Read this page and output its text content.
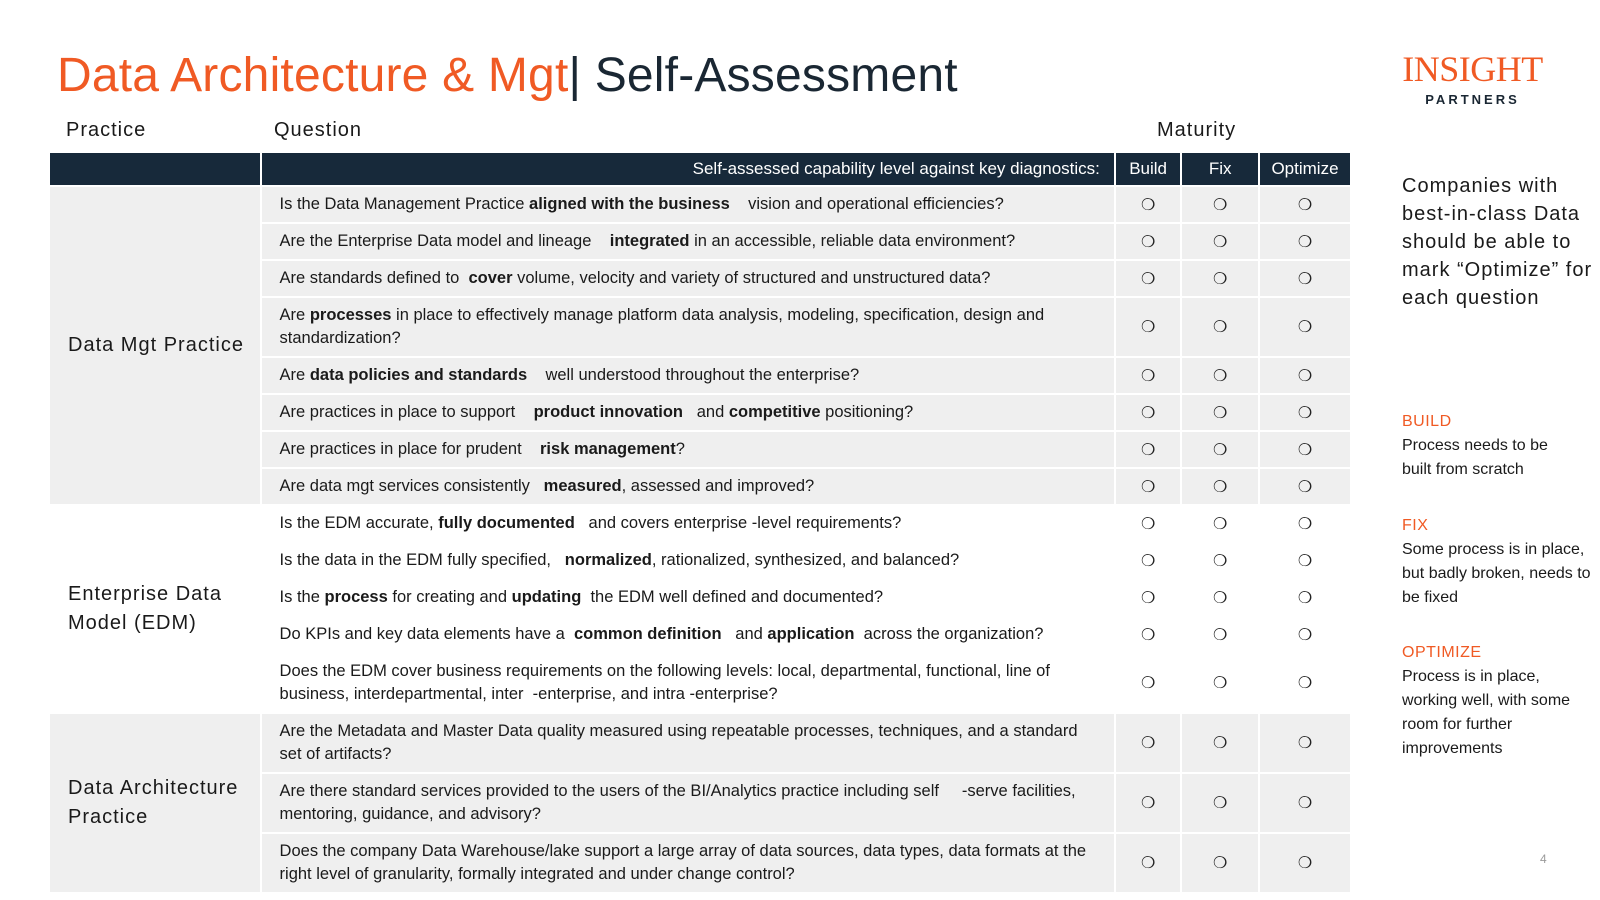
Data Architecture & Mgt| Self-Assessment	INSIGHT
PARTNERS
Practice	Question	Maturity
	Self-assessed capability level against key diagnostics:	Build	Fix	Optimize

Data Mgt Practice	Is the Data Management Practice aligned with the business    vision and operational efficiencies?	❍	❍	❍
	Are the Enterprise Data model and lineage    integrated in an accessible, reliable data environment?	❍	❍	❍
	Are standards defined to  cover volume, velocity and variety of structured and unstructured data?	❍	❍	❍
	Are processes in place to effectively manage platform data analysis, modeling, specification, design and standardization?	❍	❍	❍
	Are data policies and standards    well understood throughout the enterprise?	❍	❍	❍
	Are practices in place to support    product innovation   and competitive positioning?	❍	❍	❍
	Are practices in place for prudent    risk management?	❍	❍	❍
	Are data mgt services consistently   measured, assessed and improved?	❍	❍	❍

Enterprise Data Model (EDM)	Is the EDM accurate, fully documented   and covers enterprise -level requirements?	❍	❍	❍
	Is the data in the EDM fully specified,   normalized, rationalized, synthesized, and balanced?	❍	❍	❍
	Is the process for creating and updating  the EDM well defined and documented?	❍	❍	❍
	Do KPIs and key data elements have a  common definition   and application  across the organization?	❍	❍	❍
	Does the EDM cover business requirements on the following levels: local, departmental, functional, line of business, interdepartmental, inter  -enterprise, and intra -enterprise?	❍	❍	❍

Data Architecture Practice	Are the Metadata and Master Data quality measured using repeatable processes, techniques, and a standard set of artifacts?	❍	❍	❍
	Are there standard services provided to the users of the BI/Analytics practice including self     -serve facilities, mentoring, guidance, and advisory?	❍	❍	❍
	Does the company Data Warehouse/lake support a large array of data sources, data types, data formats at the right level of granularity, formally integrated and under change control?	❍	❍	❍
Companies with best-in-class Data should be able to mark “Optimize” for each question
BUILD
Process needs to be built from scratch
FIX
Some process is in place, but badly broken, needs to be fixed
OPTIMIZE
Process is in place, working well, with some room for further improvements
4
